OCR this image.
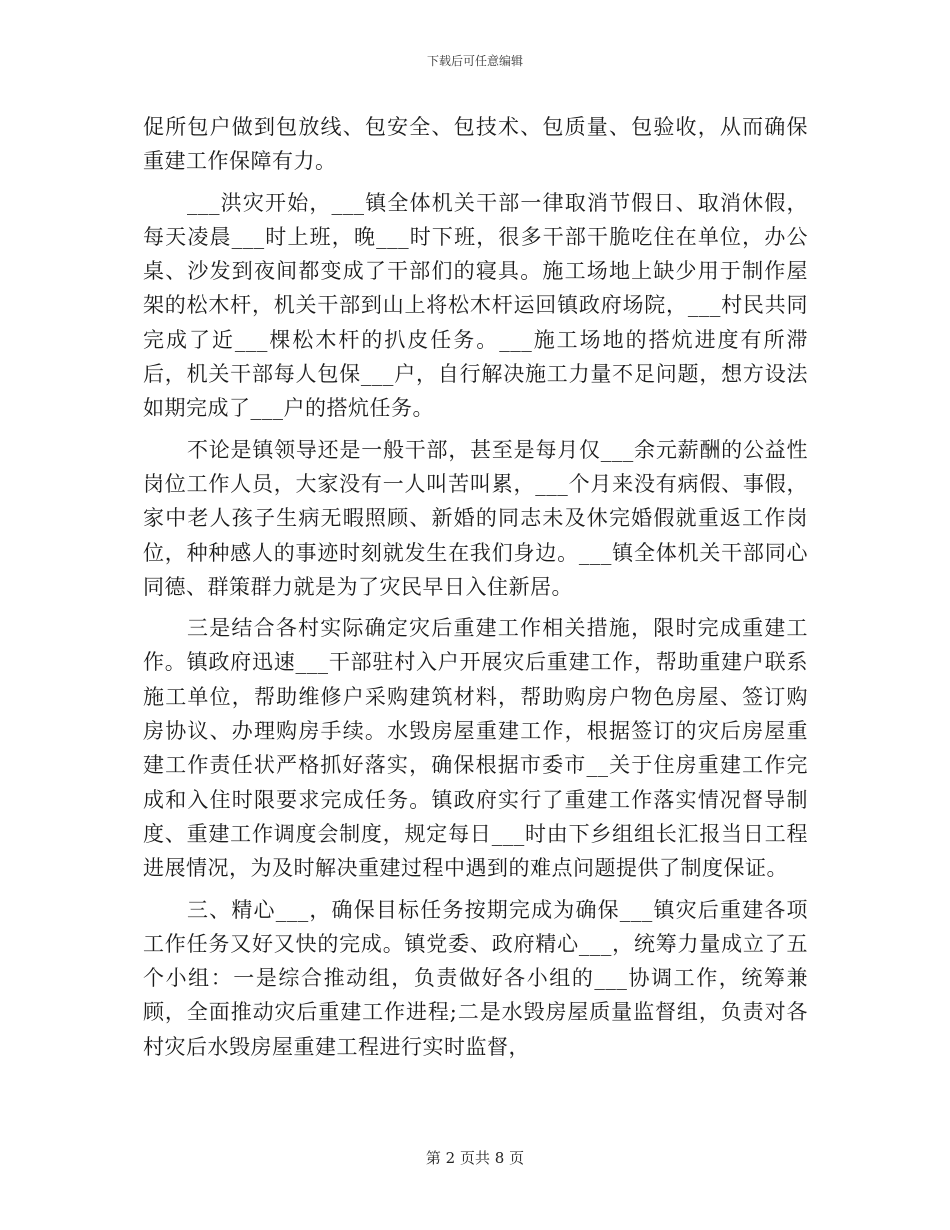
下载后可任意编辑

促所包户做到包放线、包安全、包技术、包质量、包验收，从而确保重建工作保障有力。

___洪灾开始，___镇全体机关干部一律取消节假日、取消休假，每天凌晨___时上班，晚___时下班，很多干部干脆吃住在单位，办公桌、沙发到夜间都变成了干部们的寝具。施工场地上缺少用于制作屋架的松木杆，机关干部到山上将松木杆运回镇政府场院，___村民共同完成了近___棵松木杆的扒皮任务。___施工场地的搭炕进度有所滞后，机关干部每人包保___户，自行解决施工力量不足问题，想方设法如期完成了___户的搭炕任务。

不论是镇领导还是一般干部，甚至是每月仅___余元薪酬的公益性岗位工作人员，大家没有一人叫苦叫累，___个月来没有病假、事假，家中老人孩子生病无暇照顾、新婚的同志未及休完婚假就重返工作岗位，种种感人的事迹时刻就发生在我们身边。___镇全体机关干部同心同德、群策群力就是为了灾民早日入住新居。

三是结合各村实际确定灾后重建工作相关措施，限时完成重建工作。镇政府迅速___干部驻村入户开展灾后重建工作，帮助重建户联系施工单位，帮助维修户采购建筑材料，帮助购房户物色房屋、签订购房协议、办理购房手续。水毁房屋重建工作，根据签订的灾后房屋重建工作责任状严格抓好落实，确保根据市委市__关于住房重建工作完成和入住时限要求完成任务。镇政府实行了重建工作落实情况督导制度、重建工作调度会制度，规定每日___时由下乡组组长汇报当日工程进展情况，为及时解决重建过程中遇到的难点问题提供了制度保证。

三、精心___，确保目标任务按期完成为确保___镇灾后重建各项工作任务又好又快的完成。镇党委、政府精心___，统筹力量成立了五个小组：一是综合推动组，负责做好各小组的___协调工作，统筹兼顾，全面推动灾后重建工作进程;二是水毁房屋质量监督组，负责对各村灾后水毁房屋重建工程进行实时监督，

第 2 页共 8 页
